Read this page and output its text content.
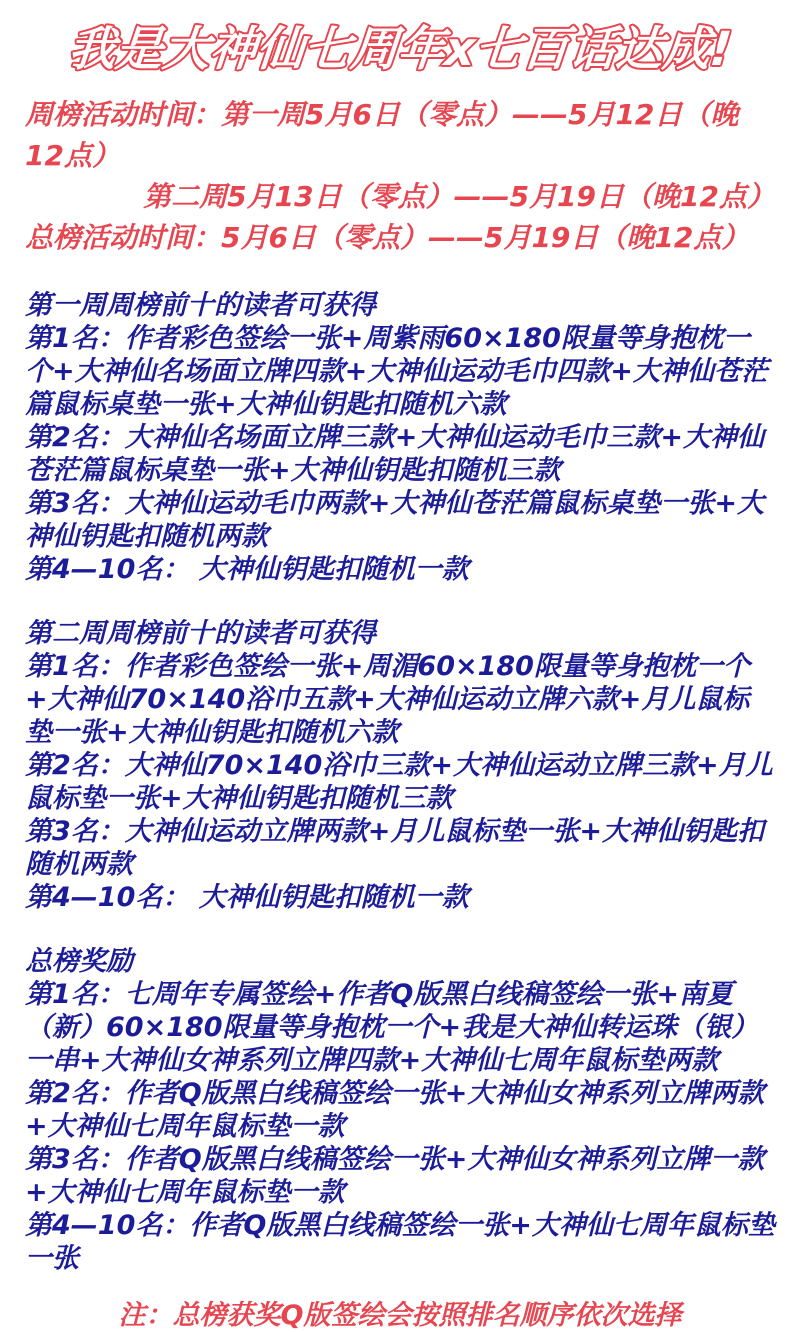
我是大神仙七周年x七百话达成!

周榜活动时间：第一周5月6日（零点）——5月12日（晚12点）

第二周5月13日（零点）——5月19日（晚12点）

总榜活动时间：5月6日（零点）——5月19日（晚12点）

第一周周榜前十的读者可获得

第1名：作者彩色签绘一张+周紫雨60×180限量等身抱枕一个+大神仙名场面立牌四款+大神仙运动毛巾四款+大神仙苍茫篇鼠标桌垫一张+大神仙钥匙扣随机六款

第2名：大神仙名场面立牌三款+大神仙运动毛巾三款+大神仙苍茫篇鼠标桌垫一张+大神仙钥匙扣随机三款

第3名：大神仙运动毛巾两款+大神仙苍茫篇鼠标桌垫一张+大神仙钥匙扣随机两款

第4—10名： 大神仙钥匙扣随机一款

第二周周榜前十的读者可获得

第1名：作者彩色签绘一张+周湄60×180限量等身抱枕一个+大神仙70×140浴巾五款+大神仙运动立牌六款+月儿鼠标垫一张+大神仙钥匙扣随机六款

第2名：大神仙70×140浴巾三款+大神仙运动立牌三款+月儿鼠标垫一张+大神仙钥匙扣随机三款

第3名：大神仙运动立牌两款+月儿鼠标垫一张+大神仙钥匙扣随机两款

第4—10名： 大神仙钥匙扣随机一款

总榜奖励

第1名：七周年专属签绘+作者Q版黑白线稿签绘一张+南夏（新）60×180限量等身抱枕一个+我是大神仙转运珠（银）一串+大神仙女神系列立牌四款+大神仙七周年鼠标垫两款

第2名：作者Q版黑白线稿签绘一张+大神仙女神系列立牌两款+大神仙七周年鼠标垫一款

第3名：作者Q版黑白线稿签绘一张+大神仙女神系列立牌一款+大神仙七周年鼠标垫一款

第4—10名：作者Q版黑白线稿签绘一张+大神仙七周年鼠标垫一张

注：总榜获奖Q版签绘会按照排名顺序依次选择
